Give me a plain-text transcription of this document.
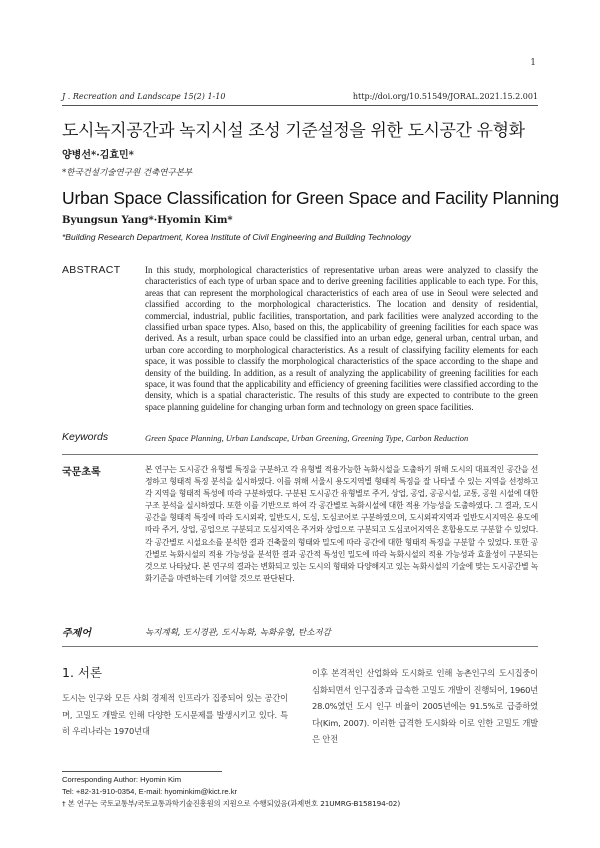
1
J . Recreation and Landscape 15(2) 1-10	http://doi.org/10.51549/JORAL.2021.15.2.001
도시녹지공간과 녹지시설 조성 기준설정을 위한 도시공간 유형화
양병선*·김효민*
*한국건설기술연구원 건축연구본부
Urban Space Classification for Green Space and Facility Planning
Byungsun Yang*·Hyomin Kim*
*Building Research Department, Korea Institute of Civil Engineering and Building Technology
ABSTRACT	In this study, morphological characteristics of representative urban areas were analyzed to classify the characteristics of each type of urban space and to derive greening facilities applicable to each type. For this, areas that can represent the morphological characteristics of each area of use in Seoul were selected and classified according to the morphological characteristics. The location and density of residential, commercial, industrial, public facilities, transportation, and park facilities were analyzed according to the classified urban space types. Also, based on this, the applicability of greening facilities for each space was derived. As a result, urban space could be classified into an urban edge, general urban, central urban, and urban core according to morphological characteristics. As a result of classifying facility elements for each space, it was possible to classify the morphological characteristics of the space according to the shape and density of the building. In addition, as a result of analyzing the applicability of greening facilities for each space, it was found that the applicability and efficiency of greening facilities were classified according to the density, which is a spatial characteristic. The results of this study are expected to contribute to the green space planning guideline for changing urban form and technology on green space facilities.
Keywords	Green Space Planning, Urban Landscape, Urban Greening, Greening Type, Carbon Reduction
국문초록	본 연구는 도시공간 유형별 특징을 구분하고 각 유형별 적용가능한 녹화시설을 도출하기 위해 도시의 대표적인 공간을 선정하고 형태적 특징 분석을 실시하였다. 이를 위해 서울시 용도지역별 형태적 특징을 잘 나타낼 수 있는 지역을 선정하고 각 지역을 형태적 특성에 따라 구분하였다. 구분된 도시공간 유형별로 주거, 상업, 공업, 공공시설, 교통, 공원 시설에 대한 구조 분석을 실시하였다. 또한 이를 기반으로 하여 각 공간별로 녹화시설에 대한 적용 가능성을 도출하였다. 그 결과, 도시 공간을 형태적 특징에 따라 도시외곽, 일반도시, 도심, 도심코어로 구분하였으며, 도시외곽지역과 일반도시지역은 용도에 따라 주거, 상업, 공업으로 구분되고 도심지역은 주거와 상업으로 구분되고 도심코어지역은 혼합용도로 구분할 수 있었다. 각 공간별로 시설요소를 분석한 결과 건축물의 형태와 밀도에 따라 공간에 대한 형태적 특징을 구분할 수 있었다. 또한 공간별로 녹화시설의 적용 가능성을 분석한 결과 공간적 특성인 밀도에 따라 녹화시설의 적용 가능성과 효율성이 구분되는 것으로 나타났다. 본 연구의 결과는 변화되고 있는 도시의 형태와 다양해지고 있는 녹화시설의 기술에 맞는 도시공간별 녹화기준을 마련하는데 기여할 것으로 판단된다.
주제어	녹지계획, 도시경관, 도시녹화, 녹화유형, 탄소저감
1. 서론
도시는 인구와 모든 사회 경제적 인프라가 집중되어 있는 공간이며, 고밀도 개발로 인해 다양한 도시문제를 발생시키고 있다. 특히 우리나라는 1970년대
이후 본격적인 산업화와 도시화로 인해 농촌인구의 도시집중이 심화되면서 인구집중과 급속한 고밀도 개발이 진행되어, 1960년 28.0%였던 도시 인구 비율이 2005년에는 91.5%로 급증하였다(Kim, 2007). 이러한 급격한 도시화와 이로 인한 고밀도 개발은 안전
Corresponding Author: Hyomin Kim
Tel: +82-31-910-0354, E-mail: hyominkim@kict.re.kr
† 본 연구는 국토교통부/국토교통과학기술진흥원의 지원으로 수행되었음(과제번호 21UMRG-B158194-02)
